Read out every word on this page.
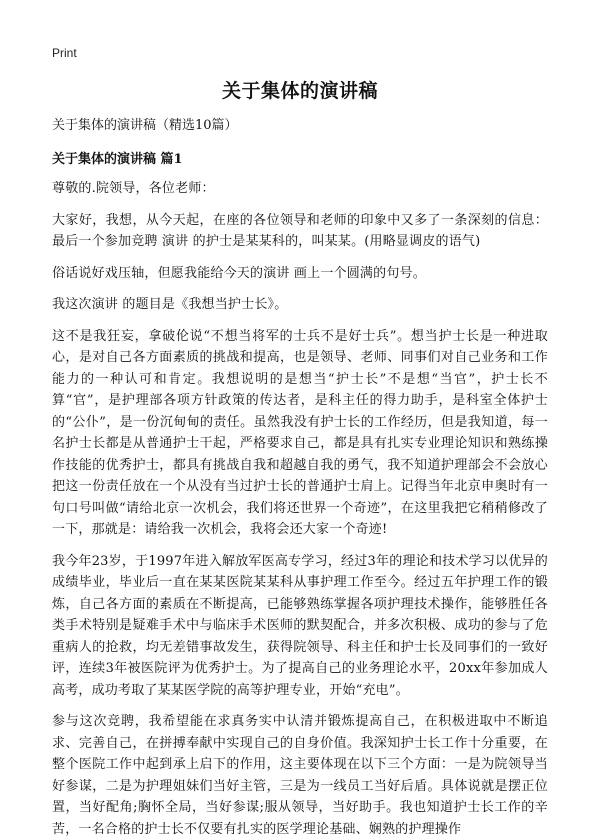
Print
关于集体的演讲稿

关于集体的演讲稿（精选10篇）

关于集体的演讲稿 篇1

尊敬的.院领导，各位老师：

大家好，我想，从今天起，在座的各位领导和老师的印象中又多了一条深刻的信息：最后一个参加竞聘 演讲 的护士是某某科的，叫某某。(用略显调皮的语气)

俗话说好戏压轴，但愿我能给今天的演讲 画上一个圆满的句号。

我这次演讲 的题目是《我想当护士长》。

这不是我狂妄，拿破伦说“不想当将军的士兵不是好士兵”。想当护士长是一种进取心，是对自己各方面素质的挑战和提高，也是领导、老师、同事们对自己业务和工作能力的一种认可和肯定。我想说明的是想当“护士长”不是想“当官”，护士长不算“官”，是护理部各项方针政策的传达者，是科主任的得力助手，是科室全体护士的“公仆”，是一份沉甸甸的责任。虽然我没有护士长的工作经历，但是我知道，每一名护士长都是从普通护士干起，严格要求自己，都是具有扎实专业理论知识和熟练操作技能的优秀护士，都具有挑战自我和超越自我的勇气，我不知道护理部会不会放心把这一份责任放在一个从没有当过护士长的普通护士肩上。记得当年北京申奥时有一句口号叫做“请给北京一次机会，我们将还世界一个奇迹”，在这里我把它稍稍修改了一下，那就是：请给我一次机会，我将会还大家一个奇迹!

我今年23岁，于1997年进入解放军医高专学习，经过3年的理论和技术学习以优异的成绩毕业，毕业后一直在某某医院某某科从事护理工作至今。经过五年护理工作的锻炼，自己各方面的素质在不断提高，已能够熟练掌握各项护理技术操作，能够胜任各类手术特别是疑难手术中与临床手术医师的默契配合，并多次积极、成功的参与了危重病人的抢救，均无差错事故发生，获得院领导、科主任和护士长及同事们的一致好评，连续3年被医院评为优秀护士。为了提高自己的业务理论水平，20xx年参加成人高考，成功考取了某某医学院的高等护理专业，开始“充电”。

参与这次竞聘，我希望能在求真务实中认清并锻炼提高自己，在积极进取中不断追求、完善自己，在拼搏奉献中实现自己的自身价值。我深知护士长工作十分重要，在整个医院工作中起到承上启下的作用，这主要体现在以下三个方面：一是为院领导当好参谋，二是为护理姐妹们当好主管，三是为一线员工当好后盾。具体说就是摆正位置，当好配角;胸怀全局，当好参谋;服从领导，当好助手。我也知道护士长工作的辛苦，一名合格的护士长不仅要有扎实的医学理论基础、娴熟的护理操作
